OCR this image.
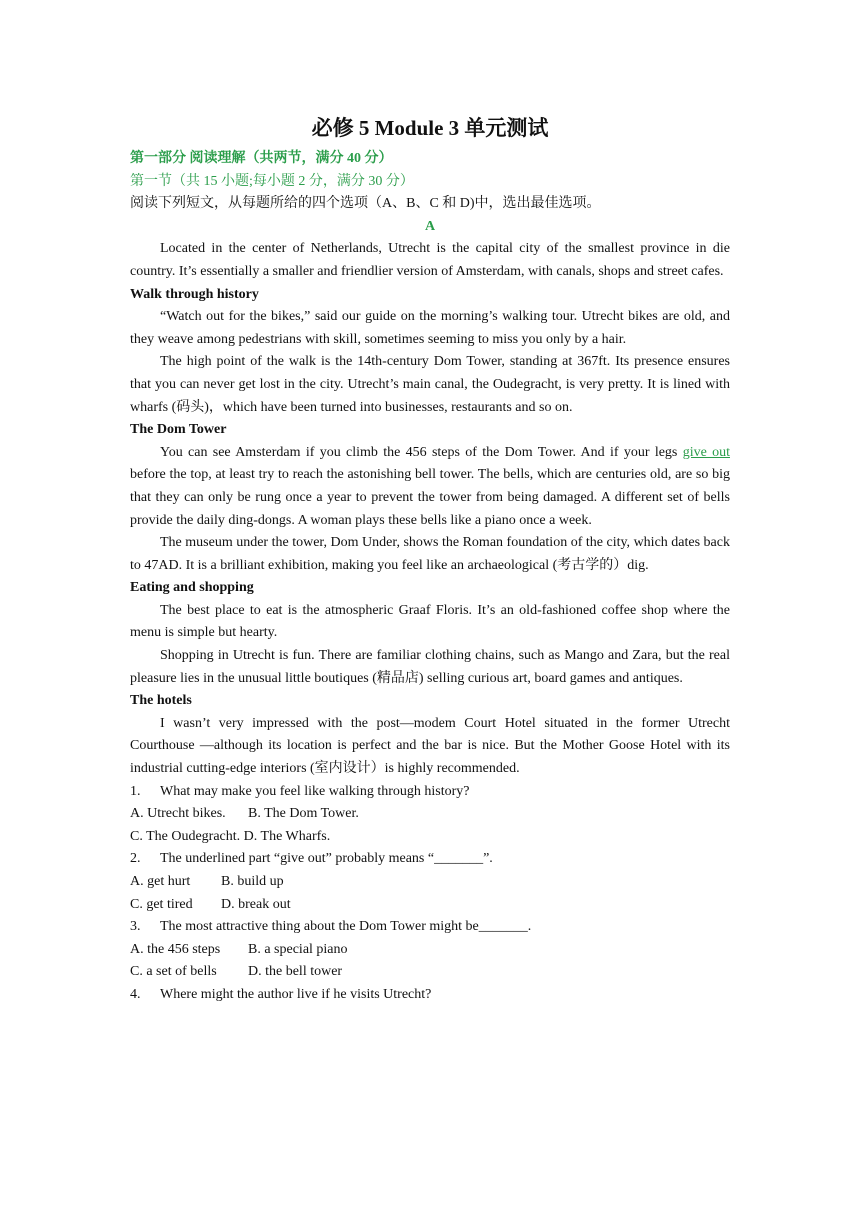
必修 5 Module 3 单元测试

第一部分 阅读理解（共两节，满分 40 分）

第一节（共 15 小题;每小题 2 分，满分 30 分）

阅读下列短文，从每题所给的四个选项（A、B、C 和 D)中，选出最佳选项。

A

Located in the center of Netherlands, Utrecht is the capital city of the smallest province in die country. It’s essentially a smaller and friendlier version of Amsterdam, with canals, shops and street cafes.

Walk through history

“Watch out for the bikes,” said our guide on the morning’s walking tour. Utrecht bikes are old, and they weave among pedestrians with skill, sometimes seeming to miss you only by a hair.

The high point of the walk is the 14th-century Dom Tower, standing at 367ft. Its presence ensures that you can never get lost in the city. Utrecht’s main canal, the Oudegracht, is very pretty. It is lined with wharfs (码头)，which have been turned into businesses, restaurants and so on.

The Dom Tower

You can see Amsterdam if you climb the 456 steps of the Dom Tower. And if your legs give out before the top, at least try to reach the astonishing bell tower. The bells, which are centuries old, are so big that they can only be rung once a year to prevent the tower from being damaged. A different set of bells provide the daily ding-dongs. A woman plays these bells like a piano once a week.

The museum under the tower, Dom Under, shows the Roman foundation of the city, which dates back to 47AD. It is a brilliant exhibition, making you feel like an archaeological (考古学的）dig.

Eating and shopping

The best place to eat is the atmospheric Graaf Floris. It’s an old-fashioned coffee shop where the menu is simple but hearty.

Shopping in Utrecht is fun. There are familiar clothing chains, such as Mango and Zara, but the real pleasure lies in the unusual little boutiques (精品店) selling curious art, board games and antiques.

The hotels

I wasn’t very impressed with the post—modem Court Hotel situated in the former Utrecht Courthouse —although its location is perfect and the bar is nice. But the Mother Goose Hotel with its industrial cutting-edge interiors (室内设计）is highly recommended.

1.	What may make you feel like walking through history?
A. Utrecht bikes. B. The Dom Tower.
C. The Oudegracht. D. The Wharfs.
2.	The underlined part “give out” probably means “_______”.
A. get hurt B. build up
C. get tired D. break out
3.	The most attractive thing about the Dom Tower might be_______.
A. the 456 steps B. a special piano
C. a set of bells D. the bell tower
4.	Where might the author live if he visits Utrecht?
